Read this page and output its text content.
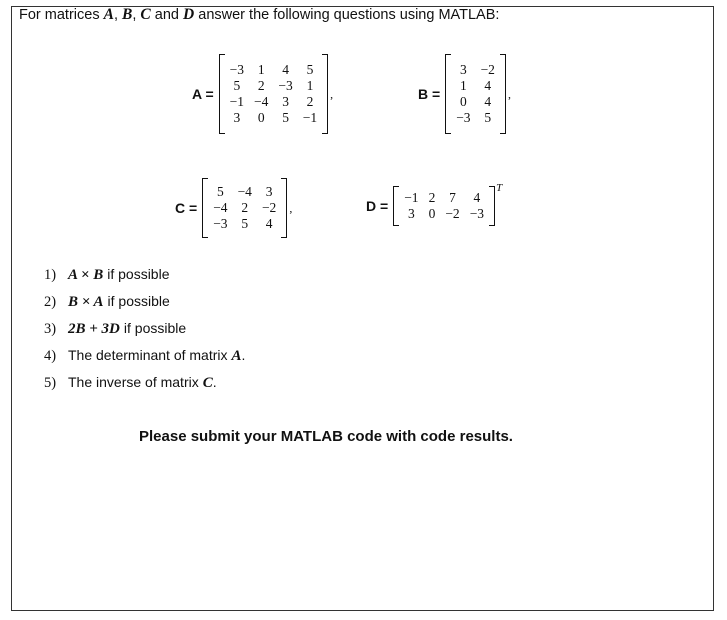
For matrices A, B, C and D answer the following questions using MATLAB:
A =
−3	1	4	5
5	2	−3	1
−1	−4	3	2
3	0	5	−1
,	B =
3	−2
1	4
0	4
−3	5
,
C =
5	−4	3
−4	2	−2
−3	5	4
,	D =
−1	2	7	4
3	0	−2	−3
T
1) A × B if possible
2) B × A if possible
3) 2B + 3D if possible
4) The determinant of matrix A .
5) The inverse of matrix C .
Please submit your MATLAB code with code results.
